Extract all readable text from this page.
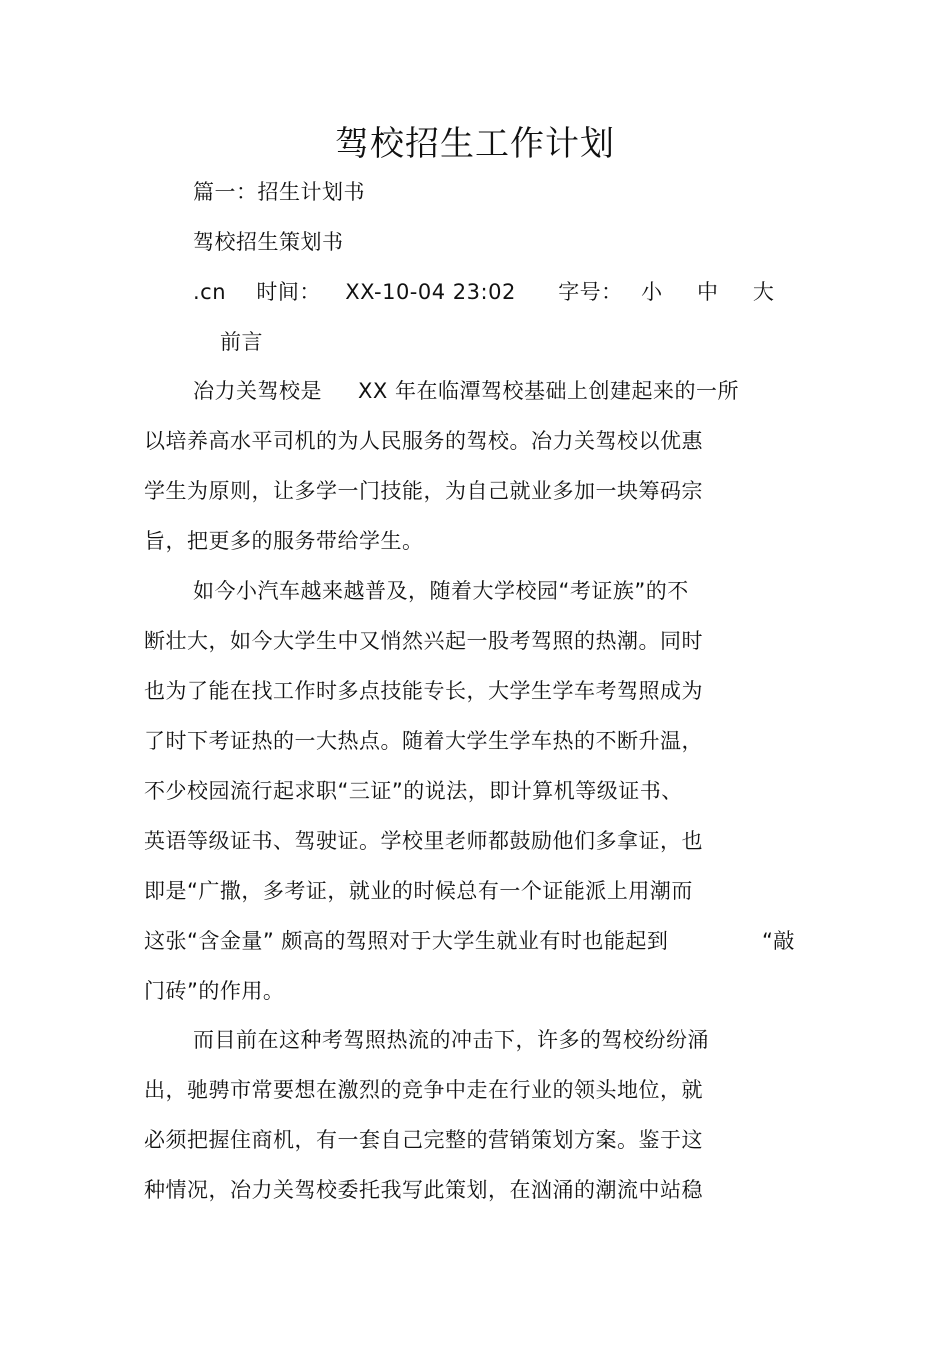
驾校招生工作计划
篇一：招生计划书
驾校招生策划书
.cn 时间： XX-10-04 23:02 字号： 小 中 大
前言
冶力关驾校是 XX 年在临潭驾校基础上创建起来的一所
以培养高水平司机的为人民服务的驾校。冶力关驾校以优惠
学生为原则，让多学一门技能，为自己就业多加一块筹码宗
旨，把更多的服务带给学生。
如今小汽车越来越普及，随着大学校园“考证族”的不
断壮大，如今大学生中又悄然兴起一股考驾照的热潮。同时
也为了能在找工作时多点技能专长，大学生学车考驾照成为
了时下考证热的一大热点。随着大学生学车热的不断升温，
不少校园流行起求职“三证”的说法，即计算机等级证书、
英语等级证书、驾驶证。学校里老师都鼓励他们多拿证，也
即是“广撒，多考证，就业的时候总有一个证能派上用潮而
这张“含金量” 颇高的驾照对于大学生就业有时也能起到	“敲
门砖”的作用。
而目前在这种考驾照热流的冲击下，许多的驾校纷纷涌
出，驰骋市常要想在激烈的竞争中走在行业的领头地位，就
必须把握住商机，有一套自己完整的营销策划方案。鉴于这
种情况，冶力关驾校委托我写此策划，在汹涌的潮流中站稳
